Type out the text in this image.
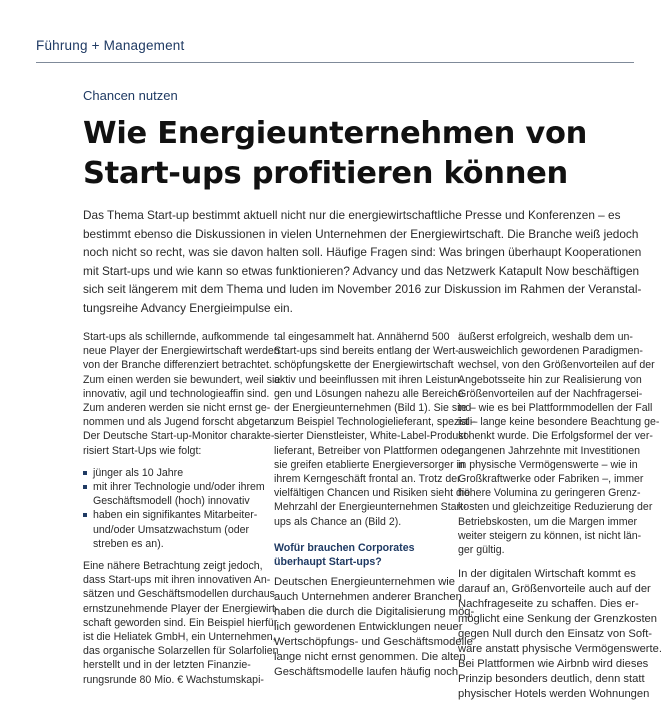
Führung + Management
Chancen nutzen
Wie Energieunternehmen von
Start-ups profitieren können

Das Thema Start-up bestimmt aktuell nicht nur die energiewirtschaftliche Presse und Konferenzen – es
bestimmt ebenso die Diskussionen in vielen Unternehmen der Energiewirtschaft. Die Branche weiß jedoch
noch nicht so recht, was sie davon halten soll. Häufige Fragen sind: Was bringen überhaupt Kooperationen
mit Start-ups und wie kann so etwas funktionieren? Advancy und das Netzwerk Katapult Now beschäftigen
sich seit längerem mit dem Thema und luden im November 2016 zur Diskussion im Rahmen der Veranstal-
tungsreihe Advancy Energieimpulse ein.

Start-ups als schillernde, aufkommende
neue Player der Energiewirtschaft werden
von der Branche differenziert betrachtet.
Zum einen werden sie bewundert, weil sie
innovativ, agil und technologieaffin sind.
Zum anderen werden sie nicht ernst ge-
nommen und als Jugend forscht abgetan.
Der Deutsche Start-up-Monitor charakte-
risiert Start-Ups wie folgt:
jünger als 10 Jahre
mit ihrer Technologie und/oder ihrem
Geschäftsmodell (hoch) innovativ
haben ein signifikantes Mitarbeiter-
und/oder Umsatzwachstum (oder
streben es an).
Eine nähere Betrachtung zeigt jedoch,
dass Start-ups mit ihren innovativen An-
sätzen und Geschäftsmodellen durchaus
ernstzunehmende Player der Energiewirt-
schaft geworden sind. Ein Beispiel hierfür
ist die Heliatek GmbH, ein Unternehmen,
das organische Solarzellen für Solarfolien
herstellt und in der letzten Finanzie-
rungsrunde 80 Mio. € Wachstumskapi-
tal eingesammelt hat. Annähernd 500
Start-ups sind bereits entlang der Wert-
schöpfungskette der Energiewirtschaft
aktiv und beeinflussen mit ihren Leistun-
gen und Lösungen nahezu alle Bereiche
der Energieunternehmen (Bild 1). Sie sind
zum Beispiel Technologielieferant, speziali-
sierter Dienstleister, White-Label-Produkt-
lieferant, Betreiber von Plattformen oder
sie greifen etablierte Energieversorger in
ihrem Kerngeschäft frontal an. Trotz der
vielfältigen Chancen und Risiken sieht die
Mehrzahl der Energieunternehmen Start-
ups als Chance an (Bild 2).
Wofür brauchen Corporates
überhaupt Start-ups?
Deutschen Energieunternehmen wie
auch Unternehmen anderer Branchen
haben die durch die Digitalisierung mög-
lich gewordenen Entwicklungen neuer
Wertschöpfungs- und Geschäftsmodelle
lange nicht ernst genommen. Die alten
Geschäftsmodelle laufen häufig noch
äußerst erfolgreich, weshalb dem un-
ausweichlich gewordenen Paradigmen-
wechsel, von den Größenvorteilen auf der
Angebotsseite hin zur Realisierung von
Größenvorteilen auf der Nachfragersei-
te – wie es bei Plattformmodellen der Fall
ist – lange keine besondere Beachtung ge-
schenkt wurde. Die Erfolgsformel der ver-
gangenen Jahrzehnte mit Investitionen
in physische Vermögenswerte – wie in
Großkraftwerke oder Fabriken –, immer
höhere Volumina zu geringeren Grenz-
kosten und gleichzeitige Reduzierung der
Betriebskosten, um die Margen immer
weiter steigern zu können, ist nicht län-
ger gültig.
In der digitalen Wirtschaft kommt es
darauf an, Größenvorteile auch auf der
Nachfrageseite zu schaffen. Dies er-
möglicht eine Senkung der Grenzkosten
gegen Null durch den Einsatz von Soft-
ware anstatt physische Vermögenswerte.
Bei Plattformen wie Airbnb wird dieses
Prinzip besonders deutlich, denn statt
physischer Hotels werden Wohnungen
